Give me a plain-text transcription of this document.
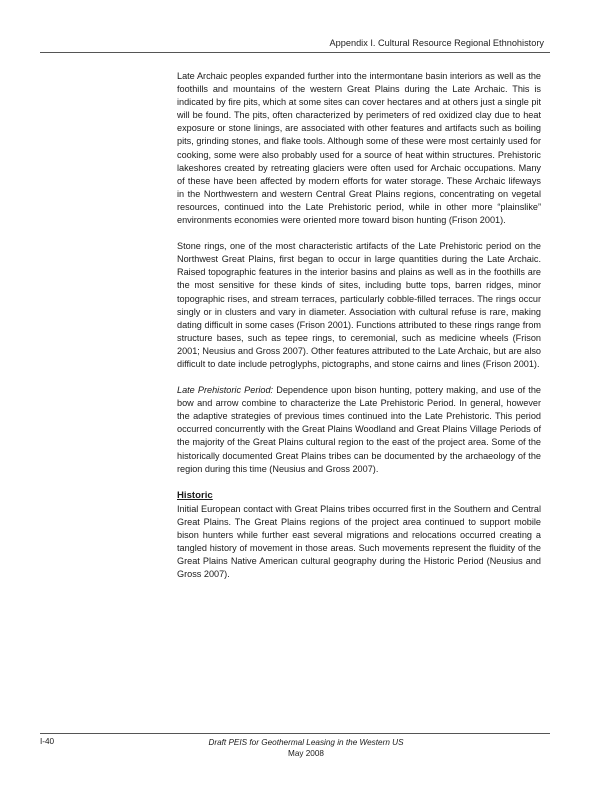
Appendix I. Cultural Resource Regional Ethnohistory

Late Archaic peoples expanded further into the intermontane basin interiors as well as the foothills and mountains of the western Great Plains during the Late Archaic. This is indicated by fire pits, which at some sites can cover hectares and at others just a single pit will be found. The pits, often characterized by perimeters of red oxidized clay due to heat exposure or stone linings, are associated with other features and artifacts such as boiling pits, grinding stones, and flake tools. Although some of these were most certainly used for cooking, some were also probably used for a source of heat within structures. Prehistoric lakeshores created by retreating glaciers were often used for Archaic occupations. Many of these have been affected by modern efforts for water storage. These Archaic lifeways in the Northwestern and western Central Great Plains regions, concentrating on vegetal resources, continued into the Late Prehistoric period, while in other more “plainslike” environments economies were oriented more toward bison hunting (Frison 2001).

Stone rings, one of the most characteristic artifacts of the Late Prehistoric period on the Northwest Great Plains, first began to occur in large quantities during the Late Archaic. Raised topographic features in the interior basins and plains as well as in the foothills are the most sensitive for these kinds of sites, including butte tops, barren ridges, minor topographic rises, and stream terraces, particularly cobble-filled terraces. The rings occur singly or in clusters and vary in diameter. Association with cultural refuse is rare, making dating difficult in some cases (Frison 2001). Functions attributed to these rings range from structure bases, such as tepee rings, to ceremonial, such as medicine wheels (Frison 2001; Neusius and Gross 2007). Other features attributed to the Late Archaic, but are also difficult to date include petroglyphs, pictographs, and stone cairns and lines (Frison 2001).

Late Prehistoric Period: Dependence upon bison hunting, pottery making, and use of the bow and arrow combine to characterize the Late Prehistoric Period. In general, however the adaptive strategies of previous times continued into the Late Prehistoric. This period occurred concurrently with the Great Plains Woodland and Great Plains Village Periods of the majority of the Great Plains cultural region to the east of the project area. Some of the historically documented Great Plains tribes can be documented by the archaeology of the region during this time (Neusius and Gross 2007).

Historic

Initial European contact with Great Plains tribes occurred first in the Southern and Central Great Plains. The Great Plains regions of the project area continued to support mobile bison hunters while further east several migrations and relocations occurred creating a tangled history of movement in those areas. Such movements represent the fluidity of the Great Plains Native American cultural geography during the Historic Period (Neusius and Gross 2007).

I-40	Draft PEIS for Geothermal Leasing in the Western US
May 2008
